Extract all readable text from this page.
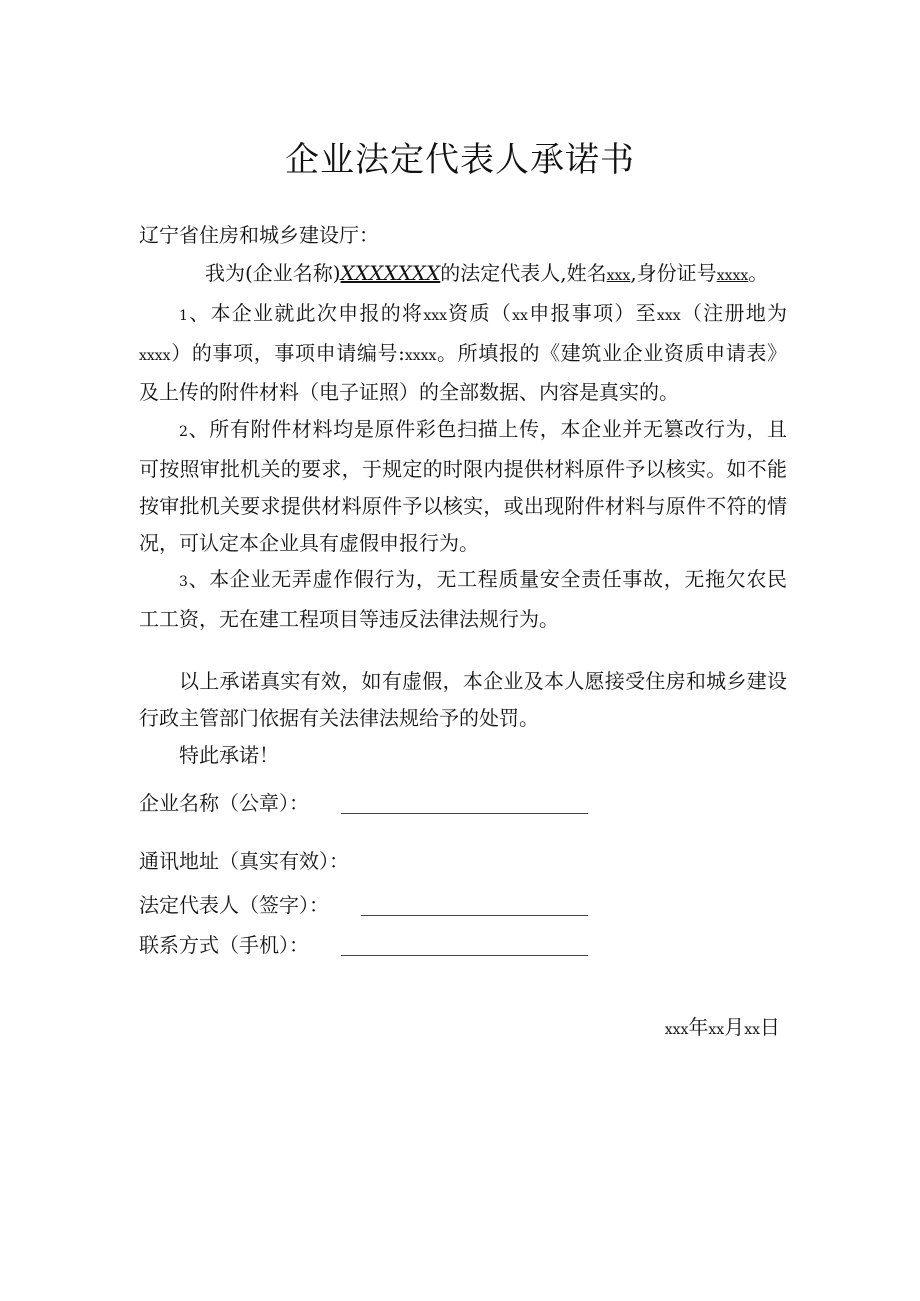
企业法定代表人承诺书
辽宁省住房和城乡建设厅：

我为(企业名称)XXXXXXX的法定代表人,姓名xxx,身份证号xxxx。

1、本企业就此次申报的将xxx资质（xx申报事项）至xxx（注册地为xxxx）的事项，事项申请编号:xxxx。所填报的《建筑业企业资质申请表》及上传的附件材料（电子证照）的全部数据、内容是真实的。

2、所有附件材料均是原件彩色扫描上传，本企业并无篡改行为，且可按照审批机关的要求，于规定的时限内提供材料原件予以核实。如不能按审批机关要求提供材料原件予以核实，或出现附件材料与原件不符的情况，可认定本企业具有虚假申报行为。

3、本企业无弄虚作假行为，无工程质量安全责任事故，无拖欠农民工工资，无在建工程项目等违反法律法规行为。

以上承诺真实有效，如有虚假，本企业及本人愿接受住房和城乡建设行政主管部门依据有关法律法规给予的处罚。

特此承诺！

企业名称（公章）：
通讯地址（真实有效）：
法定代表人（签字）：
联系方式（手机）：
xxx年xx月xx日
